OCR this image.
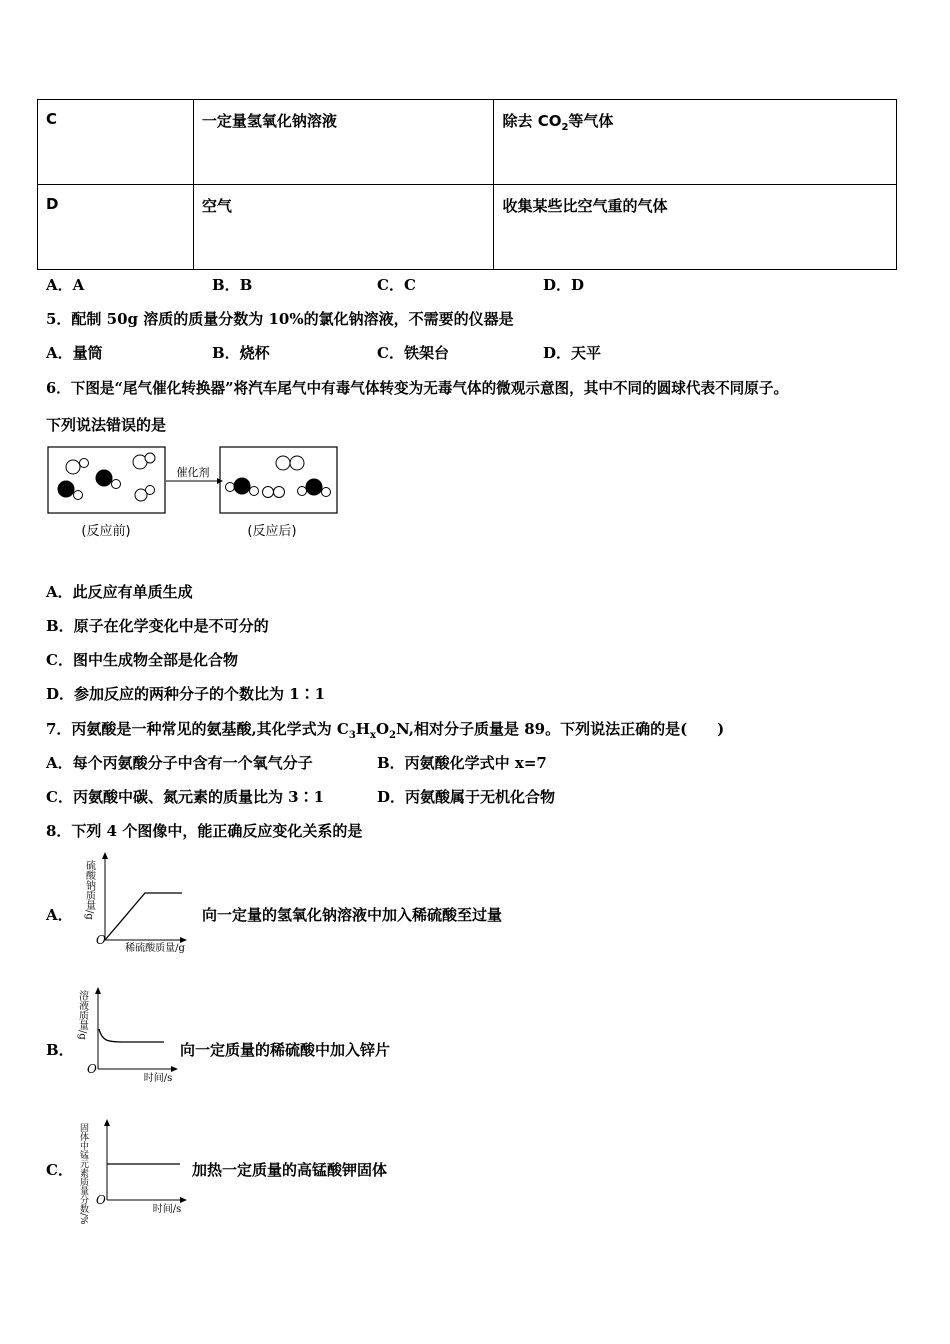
C	一定量氢氧化钠溶液	除去 $CO_2$等气体
D	空气	收集某些比空气重的气体
A．A	B．B	C．C	D．D
5．配制 50g 溶质的质量分数为 10%的氯化钠溶液，不需要的仪器是
A．量筒	B．烧杯	C．铁架台	D．天平
6．下图是“尾气催化转换器”将汽车尾气中有毒气体转变为无毒气体的微观示意图，其中不同的圆球代表不同原子。
下列说法错误的是
催化剂
(反应前)	(反应后)
A．此反应有单质生成
B．原子在化学变化中是不可分的
C．图中生成物全部是化合物
D．参加反应的两种分子的个数比为 1∶1
7．丙氨酸是一种常见的氨基酸,其化学式为 $C_3H_xO_2N$,相对分子质量是 89。下列说法正确的是(　　)
A．每个丙氨酸分子中含有一个氧气分子	B．丙氨酸化学式中 x=7
C．丙氨酸中碳、氮元素的质量比为 3∶1	D．丙氨酸属于无机化合物
8．下列 4 个图像中，能正确反应变化关系的是
A．
O
稀硫酸质量/g
硫酸钠质量/g	向一定量的氢氧化钠溶液中加入稀硫酸至过量
B．
O
时间/s
溶液质量/g
向一定质量的稀硫酸中加入锌片
C．
O
时间/s
固体中锰元素质量分数/%	加热一定质量的高锰酸钾固体
